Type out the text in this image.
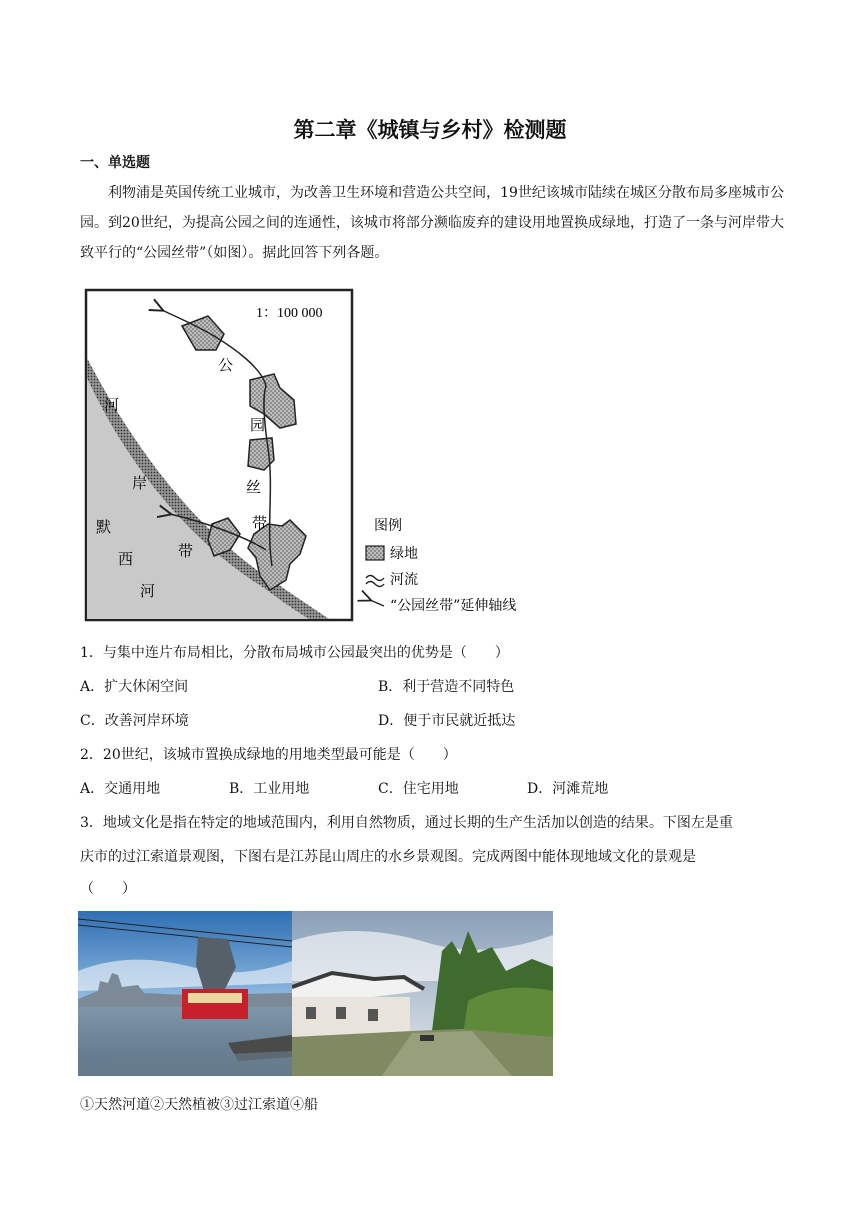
第二章《城镇与乡村》检测题
一、单选题

利物浦是英国传统工业城市，为改善卫生环境和营造公共空间，19世纪该城市陆续在城区分散布局多座城市公园。到20世纪，为提高公园之间的连通性，该城市将部分濒临废弃的建设用地置换成绿地，打造了一条与河岸带大致平行的“公园丝带”（如图）。据此回答下列各题。

1：100 000
公
园
丝
带
河
岸
带
默
西
河
图例
绿地
河流
“公园丝带”延伸轴线
1．与集中连片布局相比，分散布局城市公园最突出的优势是（　　）
A．扩大休闲空间	B．利于营造不同特色
C．改善河岸环境	D．便于市民就近抵达
2．20世纪，该城市置换成绿地的用地类型最可能是（　　）
A．交通用地	B．工业用地	C．住宅用地	D．河滩荒地
3．地域文化是指在特定的地域范围内，利用自然物质，通过长期的生产生活加以创造的结果。下图左是重
庆市的过江索道景观图，下图右是江苏昆山周庄的水乡景观图。完成两图中能体现地域文化的景观是
（　　）
①天然河道②天然植被③过江索道④船
